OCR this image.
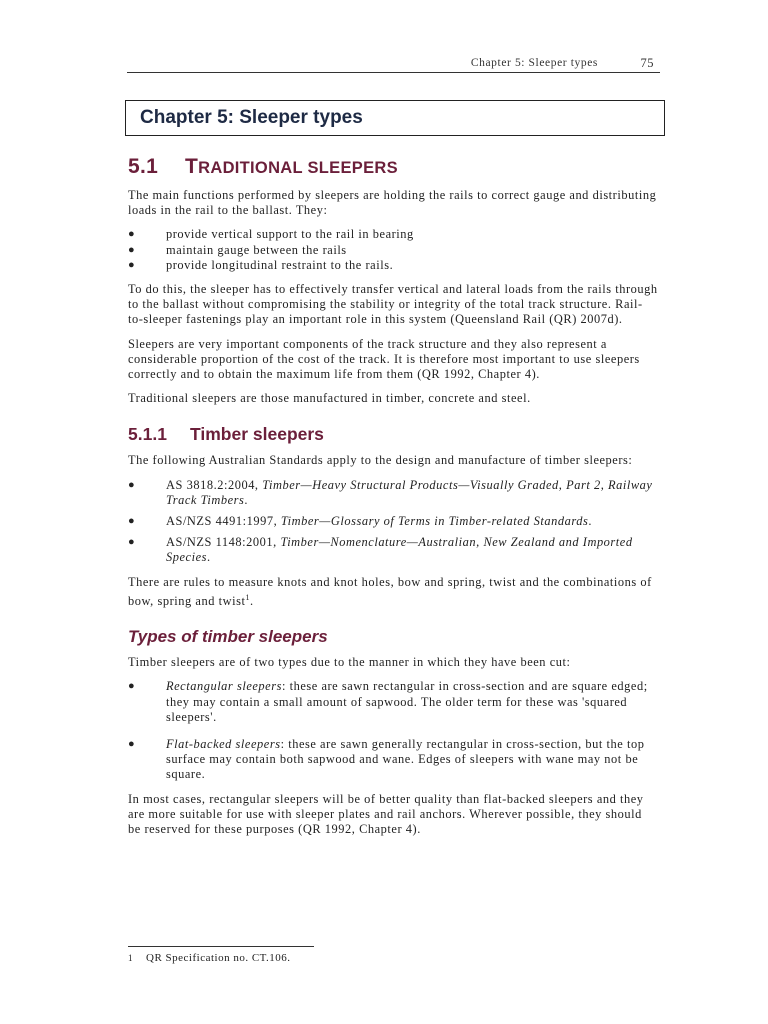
Chapter 5: Sleeper types	75
Chapter 5: Sleeper types
5.1 TRADITIONAL SLEEPERS

The main functions performed by sleepers are holding the rails to correct gauge and distributing loads in the rail to the ballast. They:

● provide vertical support to the rail in bearing
● maintain gauge between the rails
● provide longitudinal restraint to the rails.

To do this, the sleeper has to effectively transfer vertical and lateral loads from the rails through to the ballast without compromising the stability or integrity of the total track structure. Rail-to-sleeper fastenings play an important role in this system (Queensland Rail (QR) 2007d).

Sleepers are very important components of the track structure and they also represent a considerable proportion of the cost of the track. It is therefore most important to use sleepers correctly and to obtain the maximum life from them (QR 1992, Chapter 4).

Traditional sleepers are those manufactured in timber, concrete and steel.

5.1.1 Timber sleepers

The following Australian Standards apply to the design and manufacture of timber sleepers:

● AS 3818.2:2004, Timber—Heavy Structural Products—Visually Graded, Part 2, Railway Track Timbers.
● AS/NZS 4491:1997, Timber—Glossary of Terms in Timber-related Standards.
● AS/NZS 1148:2001, Timber—Nomenclature—Australian, New Zealand and Imported Species.

There are rules to measure knots and knot holes, bow and spring, twist and the combinations of bow, spring and twist$^1$.

Types of timber sleepers

Timber sleepers are of two types due to the manner in which they have been cut:

● Rectangular sleepers: these are sawn rectangular in cross-section and are square edged; they may contain a small amount of sapwood. The older term for these was 'squared sleepers'.
● Flat-backed sleepers: these are sawn generally rectangular in cross-section, but the top surface may contain both sapwood and wane. Edges of sleepers with wane may not be square.

In most cases, rectangular sleepers will be of better quality than flat-backed sleepers and they are more suitable for use with sleeper plates and rail anchors. Wherever possible, they should be reserved for these purposes (QR 1992, Chapter 4).

1 QR Specification no. CT.106.
